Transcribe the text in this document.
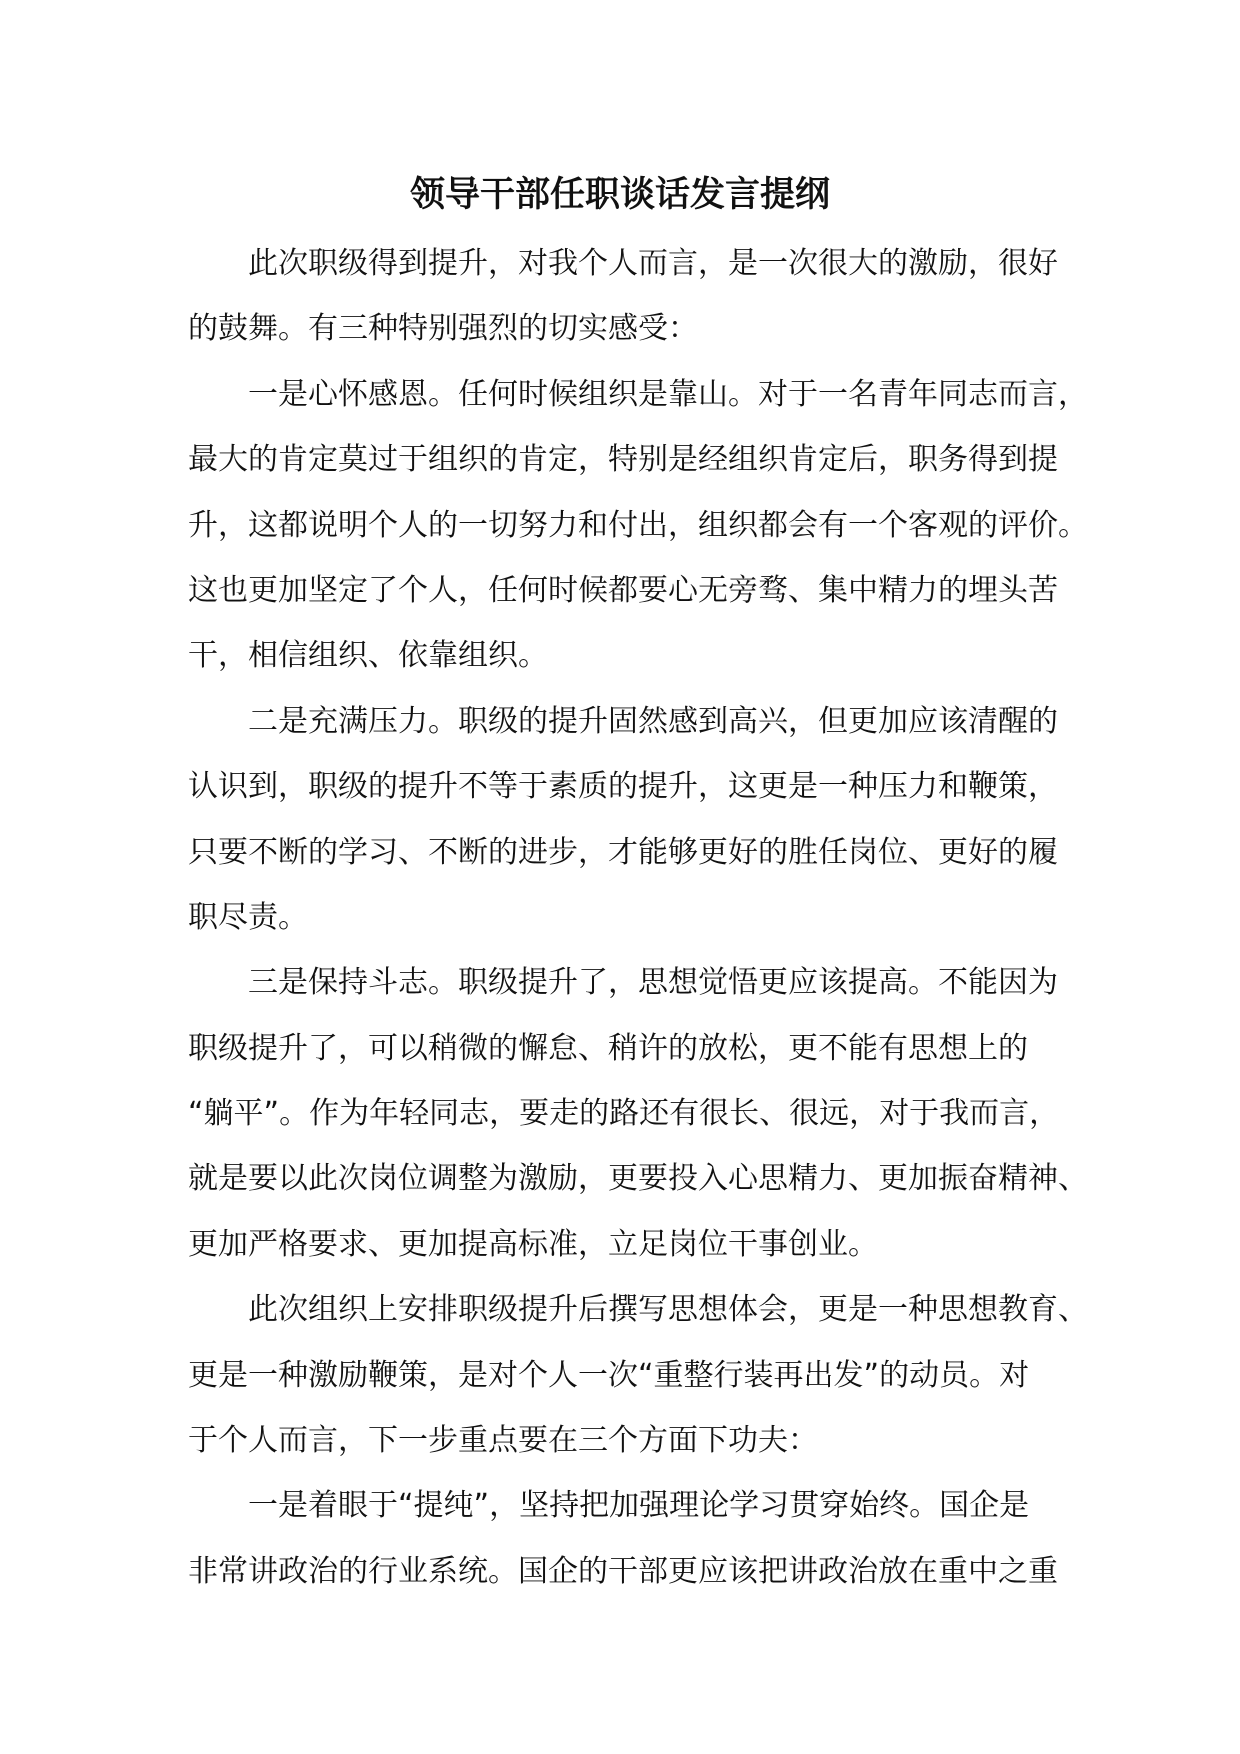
领导干部任职谈话发言提纲
此次职级得到提升，对我个人而言，是一次很大的激励，很好
的鼓舞。有三种特别强烈的切实感受：
一是心怀感恩。任何时候组织是靠山。对于一名青年同志而言，
最大的肯定莫过于组织的肯定，特别是经组织肯定后，职务得到提
升，这都说明个人的一切努力和付出，组织都会有一个客观的评价。
这也更加坚定了个人，任何时候都要心无旁骛、集中精力的埋头苦
干，相信组织、依靠组织。
二是充满压力。职级的提升固然感到高兴，但更加应该清醒的
认识到，职级的提升不等于素质的提升，这更是一种压力和鞭策，
只要不断的学习、不断的进步，才能够更好的胜任岗位、更好的履
职尽责。
三是保持斗志。职级提升了，思想觉悟更应该提高。不能因为
职级提升了，可以稍微的懈怠、稍许的放松，更不能有思想上的
“躺平”。作为年轻同志，要走的路还有很长、很远，对于我而言，
就是要以此次岗位调整为激励，更要投入心思精力、更加振奋精神、
更加严格要求、更加提高标准，立足岗位干事创业。
此次组织上安排职级提升后撰写思想体会，更是一种思想教育、
更是一种激励鞭策，是对个人一次“重整行装再出发”的动员。对
于个人而言，下一步重点要在三个方面下功夫：
一是着眼于“提纯”，坚持把加强理论学习贯穿始终。国企是
非常讲政治的行业系统。国企的干部更应该把讲政治放在重中之重
